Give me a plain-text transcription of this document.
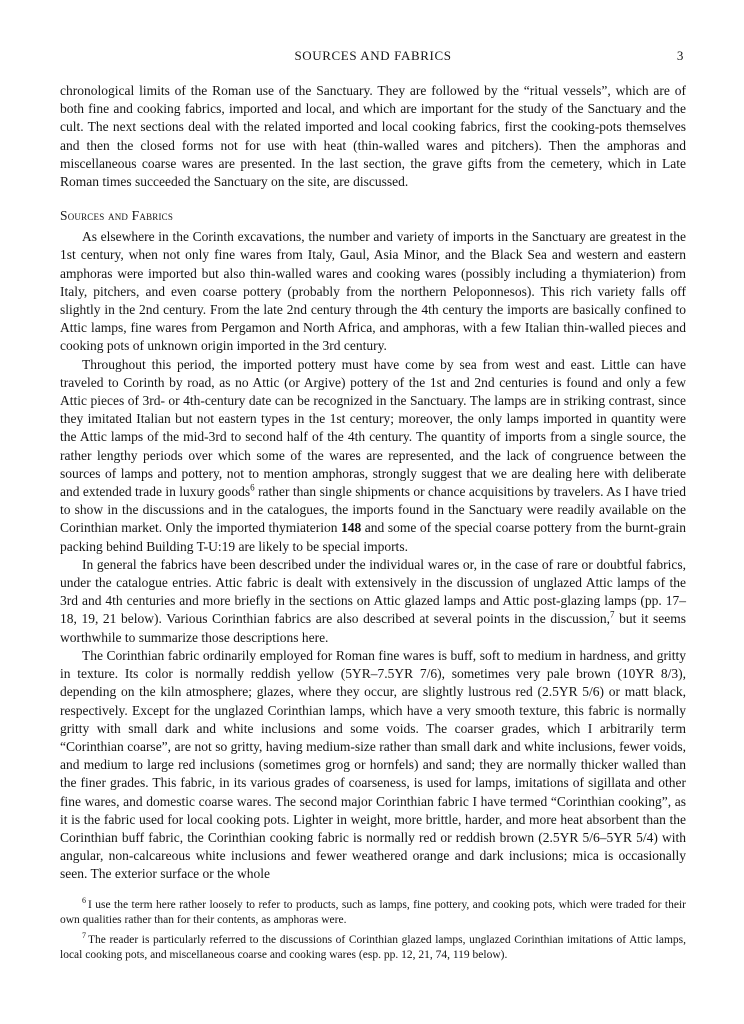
SOURCES AND FABRICS	3

chronological limits of the Roman use of the Sanctuary. They are followed by the “ritual vessels”, which are of both fine and cooking fabrics, imported and local, and which are important for the study of the Sanctuary and the cult. The next sections deal with the related imported and local cooking fabrics, first the cooking-pots themselves and then the closed forms not for use with heat (thin-walled wares and pitchers). Then the amphoras and miscellaneous coarse wares are presented. In the last section, the grave gifts from the cemetery, which in Late Roman times succeeded the Sanctuary on the site, are discussed.

Sources and Fabrics

As elsewhere in the Corinth excavations, the number and variety of imports in the Sanctuary are greatest in the 1st century, when not only fine wares from Italy, Gaul, Asia Minor, and the Black Sea and western and eastern amphoras were imported but also thin-walled wares and cooking wares (possibly including a thymiaterion) from Italy, pitchers, and even coarse pottery (probably from the northern Peloponnesos). This rich variety falls off slightly in the 2nd century. From the late 2nd century through the 4th century the imports are basically confined to Attic lamps, fine wares from Pergamon and North Africa, and amphoras, with a few Italian thin-walled pieces and cooking pots of unknown origin imported in the 3rd century.

Throughout this period, the imported pottery must have come by sea from west and east. Little can have traveled to Corinth by road, as no Attic (or Argive) pottery of the 1st and 2nd centuries is found and only a few Attic pieces of 3rd- or 4th-century date can be recognized in the Sanctuary. The lamps are in striking contrast, since they imitated Italian but not eastern types in the 1st century; moreover, the only lamps imported in quantity were the Attic lamps of the mid-3rd to second half of the 4th century. The quantity of imports from a single source, the rather lengthy periods over which some of the wares are represented, and the lack of congruence between the sources of lamps and pottery, not to mention amphoras, strongly suggest that we are dealing here with deliberate and extended trade in luxury goods$^6$ rather than single shipments or chance acquisitions by travelers. As I have tried to show in the discussions and in the catalogues, the imports found in the Sanctuary were readily available on the Corinthian market. Only the imported thymiaterion 148 and some of the special coarse pottery from the burnt-grain packing behind Building T-U:19 are likely to be special imports.

In general the fabrics have been described under the individual wares or, in the case of rare or doubtful fabrics, under the catalogue entries. Attic fabric is dealt with extensively in the discussion of unglazed Attic lamps of the 3rd and 4th centuries and more briefly in the sections on Attic glazed lamps and Attic post-glazing lamps (pp. 17–18, 19, 21 below). Various Corinthian fabrics are also described at several points in the discussion,$^7$ but it seems worthwhile to summarize those descriptions here.

The Corinthian fabric ordinarily employed for Roman fine wares is buff, soft to medium in hardness, and gritty in texture. Its color is normally reddish yellow (5YR–7.5YR 7/6), sometimes very pale brown (10YR 8/3), depending on the kiln atmosphere; glazes, where they occur, are slightly lustrous red (2.5YR 5/6) or matt black, respectively. Except for the unglazed Corinthian lamps, which have a very smooth texture, this fabric is normally gritty with small dark and white inclusions and some voids. The coarser grades, which I arbitrarily term “Corinthian coarse”, are not so gritty, having medium-size rather than small dark and white inclusions, fewer voids, and medium to large red inclusions (sometimes grog or hornfels) and sand; they are normally thicker walled than the finer grades. This fabric, in its various grades of coarseness, is used for lamps, imitations of sigillata and other fine wares, and domestic coarse wares. The second major Corinthian fabric I have termed “Corinthian cooking”, as it is the fabric used for local cooking pots. Lighter in weight, more brittle, harder, and more heat absorbent than the Corinthian buff fabric, the Corinthian cooking fabric is normally red or reddish brown (2.5YR 5/6–5YR 5/4) with angular, non-calcareous white inclusions and fewer weathered orange and dark inclusions; mica is occasionally seen. The exterior surface or the whole

$^6$ I use the term here rather loosely to refer to products, such as lamps, fine pottery, and cooking pots, which were traded for their own qualities rather than for their contents, as amphoras were.

$^7$ The reader is particularly referred to the discussions of Corinthian glazed lamps, unglazed Corinthian imitations of Attic lamps, local cooking pots, and miscellaneous coarse and cooking wares (esp. pp. 12, 21, 74, 119 below).
